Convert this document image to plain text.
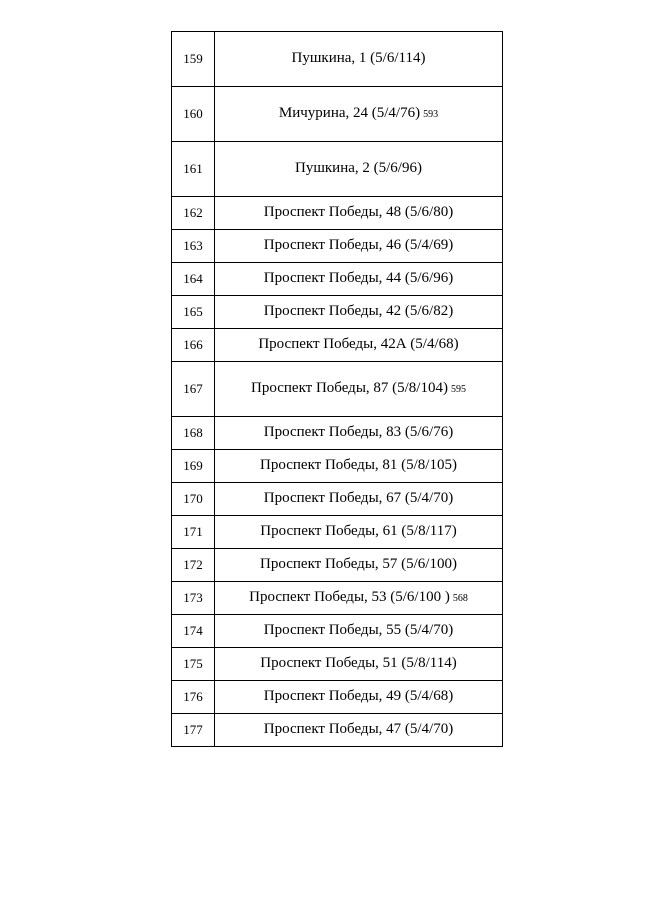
159	Пушкина, 1 (5/6/114)
160	Мичурина, 24 (5/4/76) 593
161	Пушкина, 2 (5/6/96)
162	Проспект Победы, 48 (5/6/80)
163	Проспект Победы, 46 (5/4/69)
164	Проспект Победы, 44 (5/6/96)
165	Проспект Победы, 42 (5/6/82)
166	Проспект Победы, 42А (5/4/68)
167	Проспект Победы, 87 (5/8/104) 595
168	Проспект Победы, 83 (5/6/76)
169	Проспект Победы, 81 (5/8/105)
170	Проспект Победы, 67 (5/4/70)
171	Проспект Победы, 61 (5/8/117)
172	Проспект Победы, 57 (5/6/100)
173	Проспект Победы, 53 (5/6/100 ) 568
174	Проспект Победы, 55 (5/4/70)
175	Проспект Победы, 51 (5/8/114)
176	Проспект Победы, 49 (5/4/68)
177	Проспект Победы, 47 (5/4/70)
